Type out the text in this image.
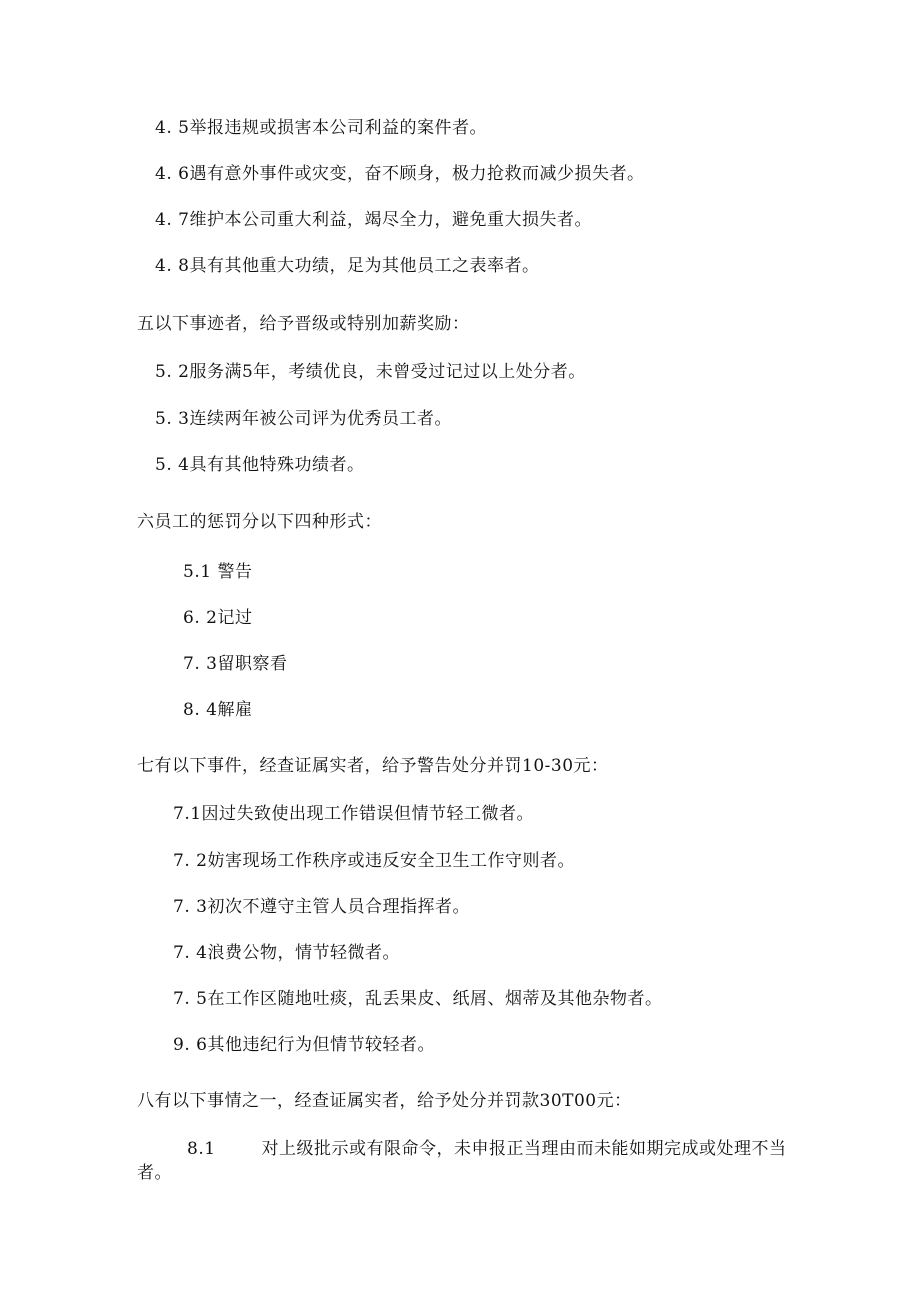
4. 5举报违规或损害本公司利益的案件者。
4. 6遇有意外事件或灾变，奋不顾身，极力抢救而减少损失者。
4. 7维护本公司重大利益，竭尽全力，避免重大损失者。
4. 8具有其他重大功绩，足为其他员工之表率者。
五以下事迹者，给予晋级或特别加薪奖励：
5. 2服务满5年，考绩优良，未曾受过记过以上处分者。
5. 3连续两年被公司评为优秀员工者。
5. 4具有其他特殊功绩者。
六员工的惩罚分以下四种形式：
5.1 警告
6. 2记过
7. 3留职察看
8. 4解雇
七有以下事件，经查证属实者，给予警告处分并罚10-30元：
7.1因过失致使出现工作错误但情节轻工微者。
7. 2妨害现场工作秩序或违反安全卫生工作守则者。
7. 3初次不遵守主管人员合理指挥者。
7. 4浪费公物，情节轻微者。
7. 5在工作区随地吐痰，乱丢果皮、纸屑、烟蒂及其他杂物者。
9. 6其他违纪行为但情节较轻者。
八有以下事情之一，经查证属实者，给予处分并罚款30T00元：
8.1	对上级批示或有限命令，未申报正当理由而未能如期完成或处理不当者。
